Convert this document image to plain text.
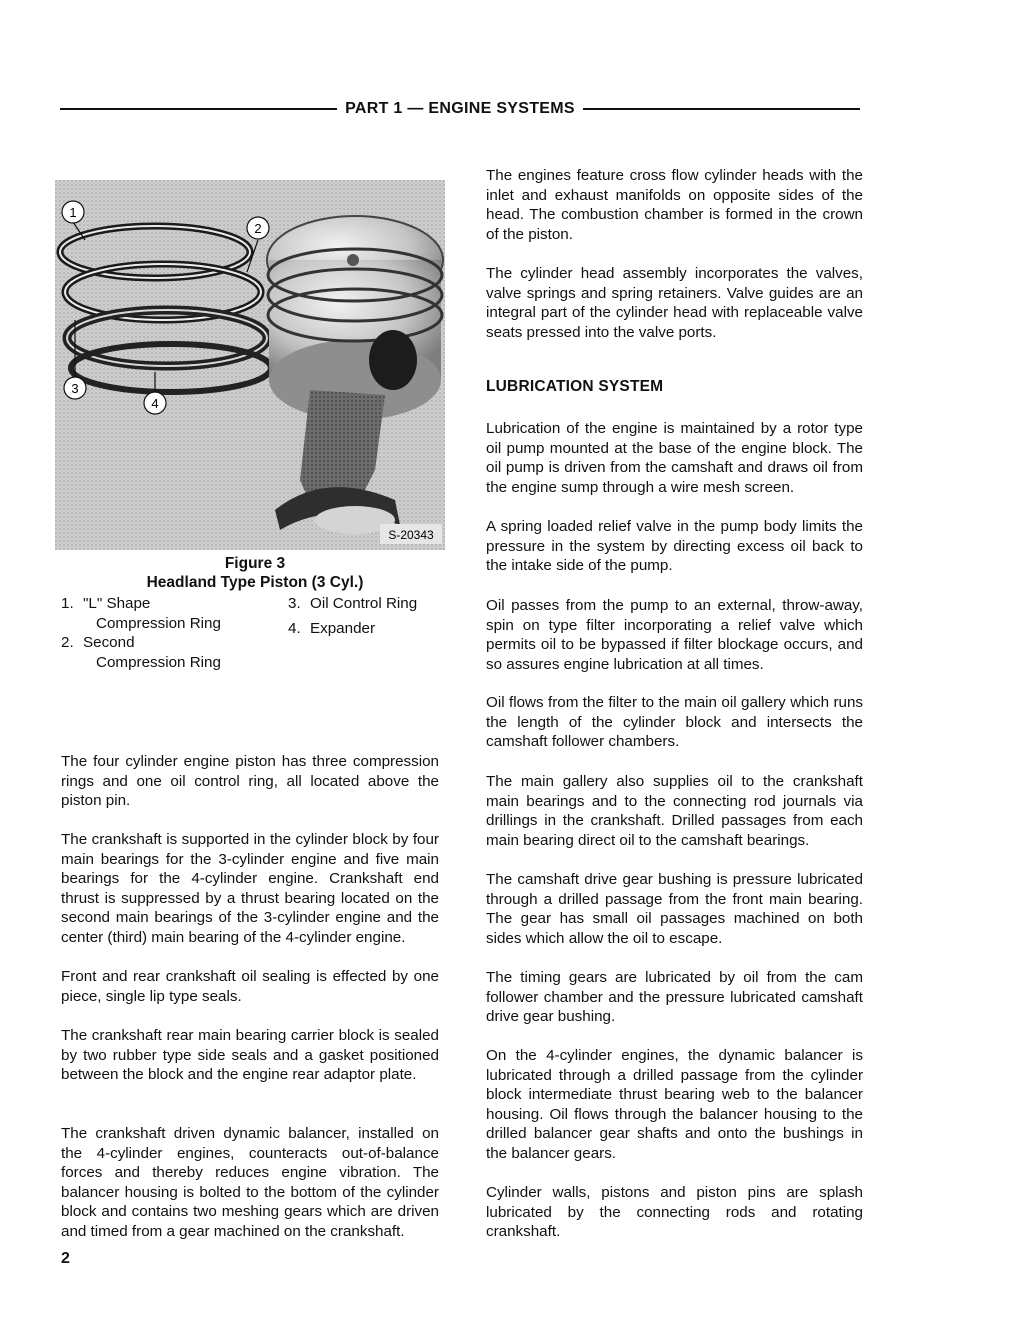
PART 1 — ENGINE SYSTEMS
1
2
3
4
S-20343
Figure 3
Headland Type Piston (3 Cyl.)
1. "L" Shape
Compression Ring
2. Second
Compression Ring
3. Oil Control Ring
4. Expander

The four cylinder engine piston has three compression rings and one oil control ring, all located above the piston pin.

The crankshaft is supported in the cylinder block by four main bearings for the 3-cylinder engine and five main bearings for the 4-cylinder engine. Crankshaft end thrust is suppressed by a thrust bearing located on the second main bearings of the 3-cylinder engine and the center (third) main bearing of the 4-cylinder engine.

Front and rear crankshaft oil sealing is effected by one piece, single lip type seals.

The crankshaft rear main bearing carrier block is sealed by two rubber type side seals and a gasket positioned between the block and the engine rear adaptor plate.

The crankshaft driven dynamic balancer, installed on the 4-cylinder engines, counteracts out-of-balance forces and thereby reduces engine vibration. The balancer housing is bolted to the bottom of the cylinder block and contains two meshing gears which are driven and timed from a gear machined on the crankshaft.

The engines feature cross flow cylinder heads with the inlet and exhaust manifolds on opposite sides of the head. The combustion chamber is formed in the crown of the piston.

The cylinder head assembly incorporates the valves, valve springs and spring retainers. Valve guides are an integral part of the cylinder head with replaceable valve seats pressed into the valve ports.

LUBRICATION SYSTEM

Lubrication of the engine is maintained by a rotor type oil pump mounted at the base of the engine block. The oil pump is driven from the camshaft and draws oil from the engine sump through a wire mesh screen.

A spring loaded relief valve in the pump body limits the pressure in the system by directing excess oil back to the intake side of the pump.

Oil passes from the pump to an external, throw-away, spin on type filter incorporating a relief valve which permits oil to be bypassed if filter blockage occurs, and so assures engine lubrication at all times.

Oil flows from the filter to the main oil gallery which runs the length of the cylinder block and intersects the camshaft follower chambers.

The main gallery also supplies oil to the crankshaft main bearings and to the connecting rod journals via drillings in the crankshaft. Drilled passages from each main bearing direct oil to the camshaft bearings.

The camshaft drive gear bushing is pressure lubricated through a drilled passage from the front main bearing. The gear has small oil passages machined on both sides which allow the oil to escape.

The timing gears are lubricated by oil from the cam follower chamber and the pressure lubricated camshaft drive gear bushing.

On the 4-cylinder engines, the dynamic balancer is lubricated through a drilled passage from the cylinder block intermediate thrust bearing web to the balancer housing. Oil flows through the balancer housing to the drilled balancer gear shafts and onto the bushings in the balancer gears.

Cylinder walls, pistons and piston pins are splash lubricated by the connecting rods and rotating crankshaft.

2
